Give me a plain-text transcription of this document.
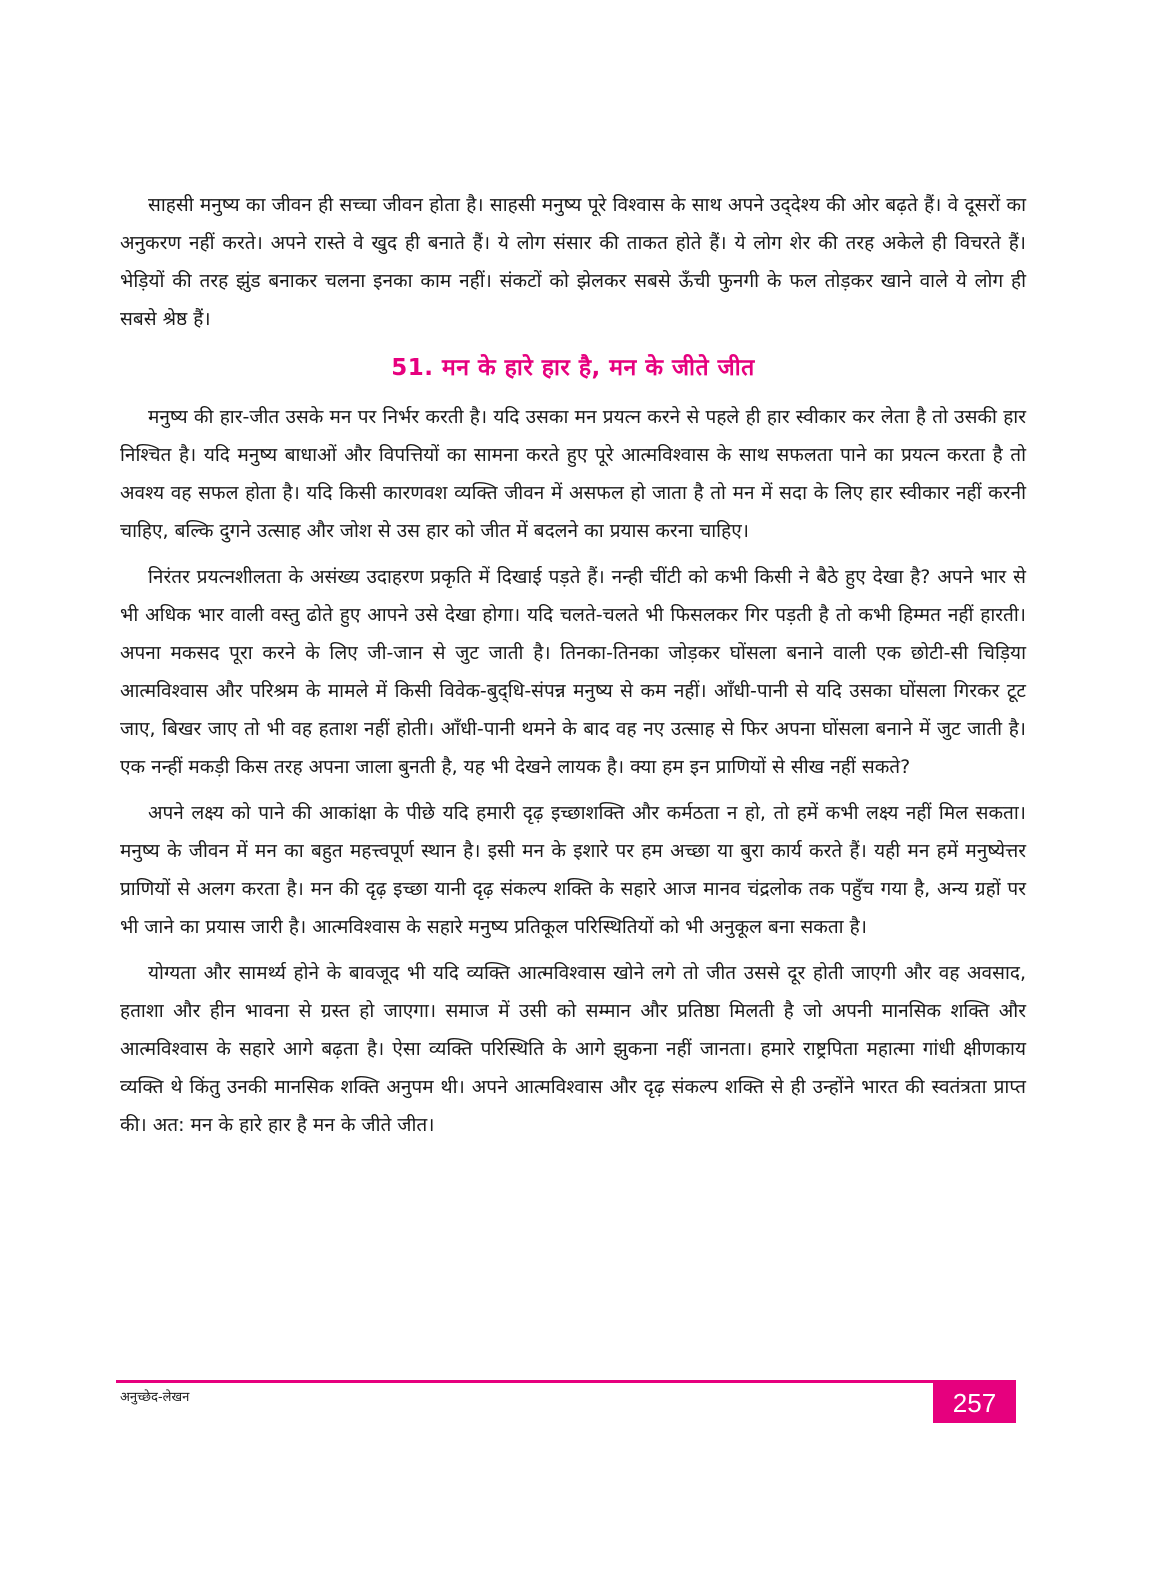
साहसी मनुष्य का जीवन ही सच्चा जीवन होता है। साहसी मनुष्य पूरे विश्वास के साथ अपने उद्‌देश्य की ओर बढ़ते हैं। वे दूसरों का अनुकरण नहीं करते। अपने रास्ते वे खुद ही बनाते हैं। ये लोग संसार की ताकत होते हैं। ये लोग शेर की तरह अकेले ही विचरते हैं। भेड़ियों की तरह झुंड बनाकर चलना इनका काम नहीं। संकटों को झेलकर सबसे ऊँची फुनगी के फल तोड़कर खाने वाले ये लोग ही सबसे श्रेष्ठ हैं।

51. मन के हारे हार है, मन के जीते जीत

मनुष्य की हार-जीत उसके मन पर निर्भर करती है। यदि उसका मन प्रयत्न करने से पहले ही हार स्वीकार कर लेता है तो उसकी हार निश्चित है। यदि मनुष्य बाधाओं और विपत्तियों का सामना करते हुए पूरे आत्मविश्वास के साथ सफलता पाने का प्रयत्न करता है तो अवश्य वह सफल होता है। यदि किसी कारणवश व्यक्ति जीवन में असफल हो जाता है तो मन में सदा के लिए हार स्वीकार नहीं करनी चाहिए, बल्कि दुगने उत्साह और जोश से उस हार को जीत में बदलने का प्रयास करना चाहिए।

निरंतर प्रयत्नशीलता के असंख्य उदाहरण प्रकृति में दिखाई पड़ते हैं। नन्ही चींटी को कभी किसी ने बैठे हुए देखा है? अपने भार से भी अधिक भार वाली वस्तु ढोते हुए आपने उसे देखा होगा। यदि चलते-चलते भी फिसलकर गिर पड़ती है तो कभी हिम्मत नहीं हारती। अपना मकसद पूरा करने के लिए जी-जान से जुट जाती है। तिनका-तिनका जोड़कर घोंसला बनाने वाली एक छोटी-सी चिड़िया आत्मविश्वास और परिश्रम के मामले में किसी विवेक-बुद्‌धि-संपन्न मनुष्य से कम नहीं। आँधी-पानी से यदि उसका घोंसला गिरकर टूट जाए, बिखर जाए तो भी वह हताश नहीं होती। आँधी-पानी थमने के बाद वह नए उत्साह से फिर अपना घोंसला बनाने में जुट जाती है। एक नन्हीं मकड़ी किस तरह अपना जाला बुनती है, यह भी देखने लायक है। क्या हम इन प्राणियों से सीख नहीं सकते?

अपने लक्ष्य को पाने की आकांक्षा के पीछे यदि हमारी दृढ़ इच्छाशक्ति और कर्मठता न हो, तो हमें कभी लक्ष्य नहीं मिल सकता। मनुष्य के जीवन में मन का बहुत महत्त्वपूर्ण स्थान है। इसी मन के इशारे पर हम अच्छा या बुरा कार्य करते हैं। यही मन हमें मनुष्येत्तर प्राणियों से अलग करता है। मन की दृढ़ इच्छा यानी दृढ़ संकल्प शक्ति के सहारे आज मानव चंद्रलोक तक पहुँच गया है, अन्य ग्रहों पर भी जाने का प्रयास जारी है। आत्मविश्वास के सहारे मनुष्य प्रतिकूल परिस्थितियों को भी अनुकूल बना सकता है।

योग्यता और सामर्थ्य होने के बावजूद भी यदि व्यक्ति आत्मविश्वास खोने लगे तो जीत उससे दूर होती जाएगी और वह अवसाद, हताशा और हीन भावना से ग्रस्त हो जाएगा। समाज में उसी को सम्मान और प्रतिष्ठा मिलती है जो अपनी मानसिक शक्ति और आत्मविश्वास के सहारे आगे बढ़ता है। ऐसा व्यक्ति परिस्थिति के आगे झुकना नहीं जानता। हमारे राष्ट्रपिता महात्मा गांधी क्षीणकाय व्यक्ति थे किंतु उनकी मानसिक शक्ति अनुपम थी। अपने आत्मविश्वास और दृढ़ संकल्प शक्ति से ही उन्होंने भारत की स्वतंत्रता प्राप्त की। अत: मन के हारे हार है मन के जीते जीत।

अनुच्छेद-लेखन	257
